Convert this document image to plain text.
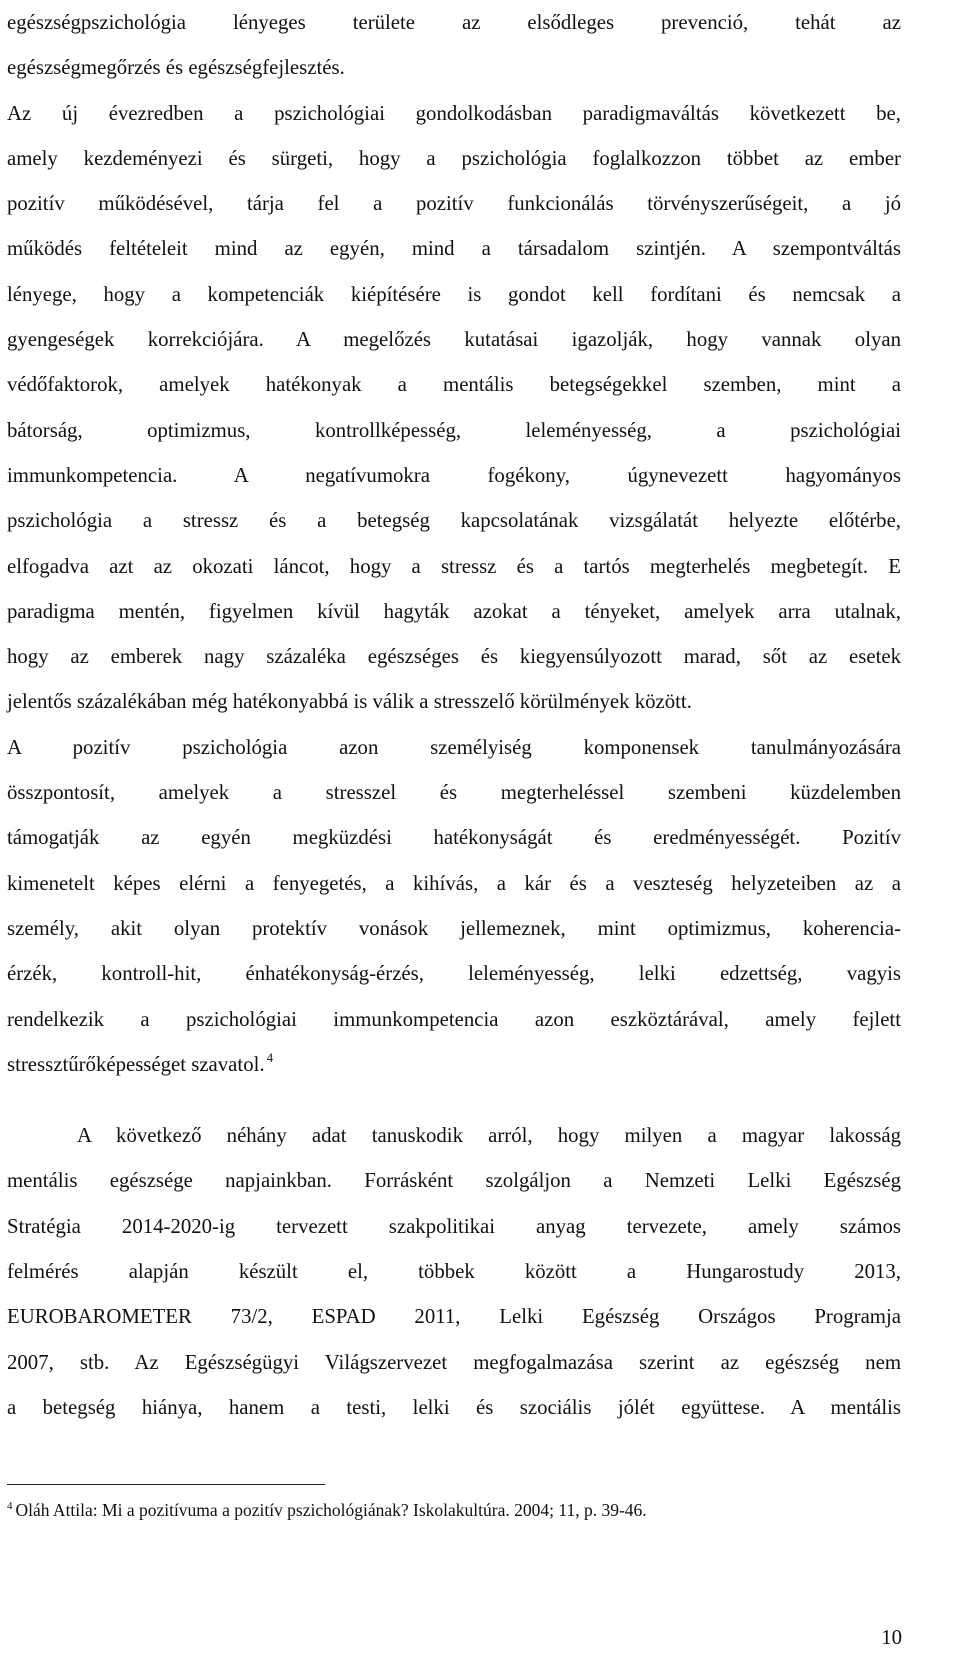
egészségpszichológia lényeges területe az elsődleges prevenció, tehát az
egészségmegőrzés és egészségfejlesztés.
Az új évezredben a pszichológiai gondolkodásban paradigmaváltás következett be,
amely kezdeményezi és sürgeti, hogy a pszichológia foglalkozzon többet az ember
pozitív működésével, tárja fel a pozitív funkcionálás törvényszerűségeit, a jó
működés feltételeit mind az egyén, mind a társadalom szintjén. A szempontváltás
lényege, hogy a kompetenciák kiépítésére is gondot kell fordítani és nemcsak a
gyengeségek korrekciójára. A megelőzés kutatásai igazolják, hogy vannak olyan
védőfaktorok, amelyek hatékonyak a mentális betegségekkel szemben, mint a
bátorság, optimizmus, kontrollképesség, leleményesség, a pszichológiai
immunkompetencia. A negatívumokra fogékony, úgynevezett hagyományos
pszichológia a stressz és a betegség kapcsolatának vizsgálatát helyezte előtérbe,
elfogadva azt az okozati láncot, hogy a stressz és a tartós megterhelés megbetegít. E
paradigma mentén, figyelmen kívül hagyták azokat a tényeket, amelyek arra utalnak,
hogy az emberek nagy százaléka egészséges és kiegyensúlyozott marad, sőt az esetek
jelentős százalékában még hatékonyabbá is válik a stresszelő körülmények között.
A pozitív pszichológia azon személyiség komponensek tanulmányozására
összpontosít, amelyek a stresszel és megterheléssel szembeni küzdelemben
támogatják az egyén megküzdési hatékonyságát és eredményességét. Pozitív
kimenetelt képes elérni a fenyegetés, a kihívás, a kár és a veszteség helyzeteiben az a
személy, akit olyan protektív vonások jellemeznek, mint optimizmus, koherencia-
érzék, kontroll-hit, énhatékonyság-érzés, leleményesség, lelki edzettség, vagyis
rendelkezik a pszichológiai immunkompetencia azon eszköztárával, amely fejlett
stressztűrőképességet szavatol. $^4$
A következő néhány adat tanuskodik arról, hogy milyen a magyar lakosság
mentális egészsége napjainkban. Forrásként szolgáljon a Nemzeti Lelki Egészség
Stratégia 2014-2020-ig tervezett szakpolitikai anyag tervezete, amely számos
felmérés alapján készült el, többek között a Hungarostudy 2013,
EUROBAROMETER 73/2, ESPAD 2011, Lelki Egészség Országos Programja
2007, stb. Az Egészségügyi Világszervezet megfogalmazása szerint az egészség nem
a betegség hiánya, hanem a testi, lelki és szociális jólét együttese. A mentális
$^4$ Oláh Attila: Mi a pozitívuma a pozitív pszichológiának? Iskolakultúra. 2004; 11, p. 39-46.
10
